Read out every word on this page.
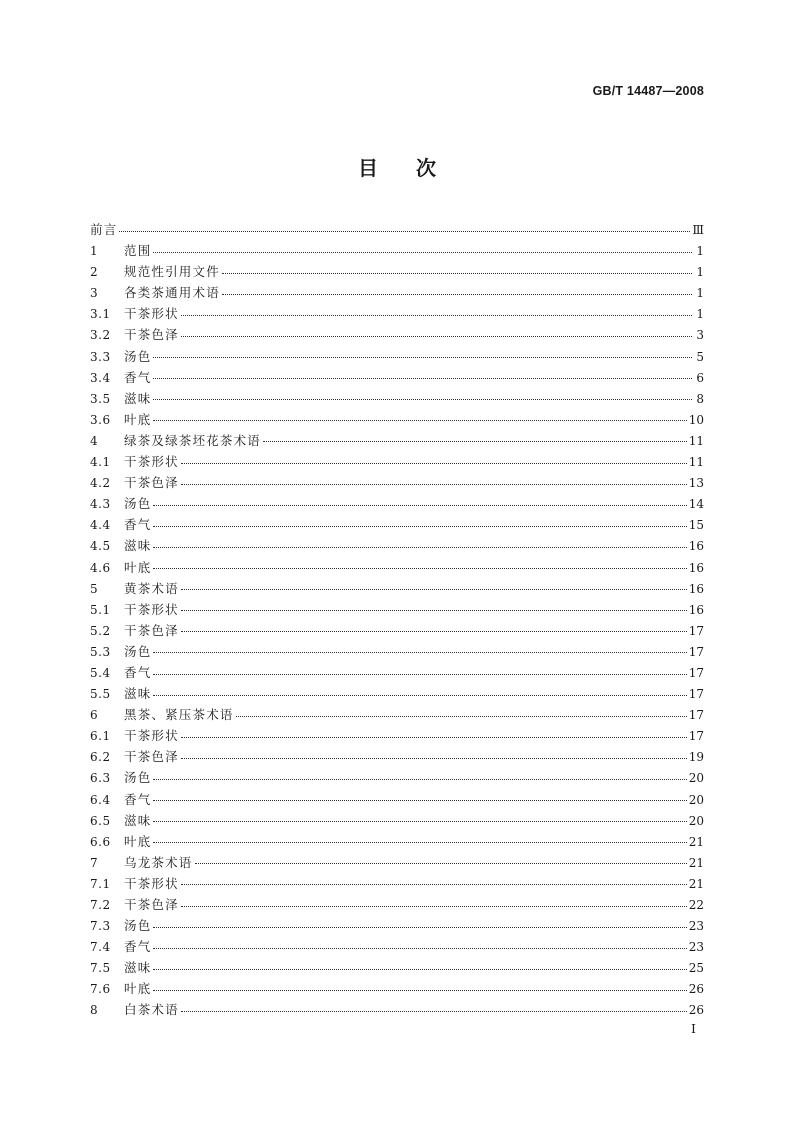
GB/T 14487—2008
目次
前言	Ⅲ
1	范围	1
2	规范性引用文件	1
3	各类茶通用术语	1
3.1	干茶形状	1
3.2	干茶色泽	3
3.3	汤色	5
3.4	香气	6
3.5	滋味	8
3.6	叶底	10
4	绿茶及绿茶坯花茶术语	11
4.1	干茶形状	11
4.2	干茶色泽	13
4.3	汤色	14
4.4	香气	15
4.5	滋味	16
4.6	叶底	16
5	黄茶术语	16
5.1	干茶形状	16
5.2	干茶色泽	17
5.3	汤色	17
5.4	香气	17
5.5	滋味	17
6	黑茶、紧压茶术语	17
6.1	干茶形状	17
6.2	干茶色泽	19
6.3	汤色	20
6.4	香气	20
6.5	滋味	20
6.6	叶底	21
7	乌龙茶术语	21
7.1	干茶形状	21
7.2	干茶色泽	22
7.3	汤色	23
7.4	香气	23
7.5	滋味	25
7.6	叶底	26
8	白茶术语	26
Ⅰ
